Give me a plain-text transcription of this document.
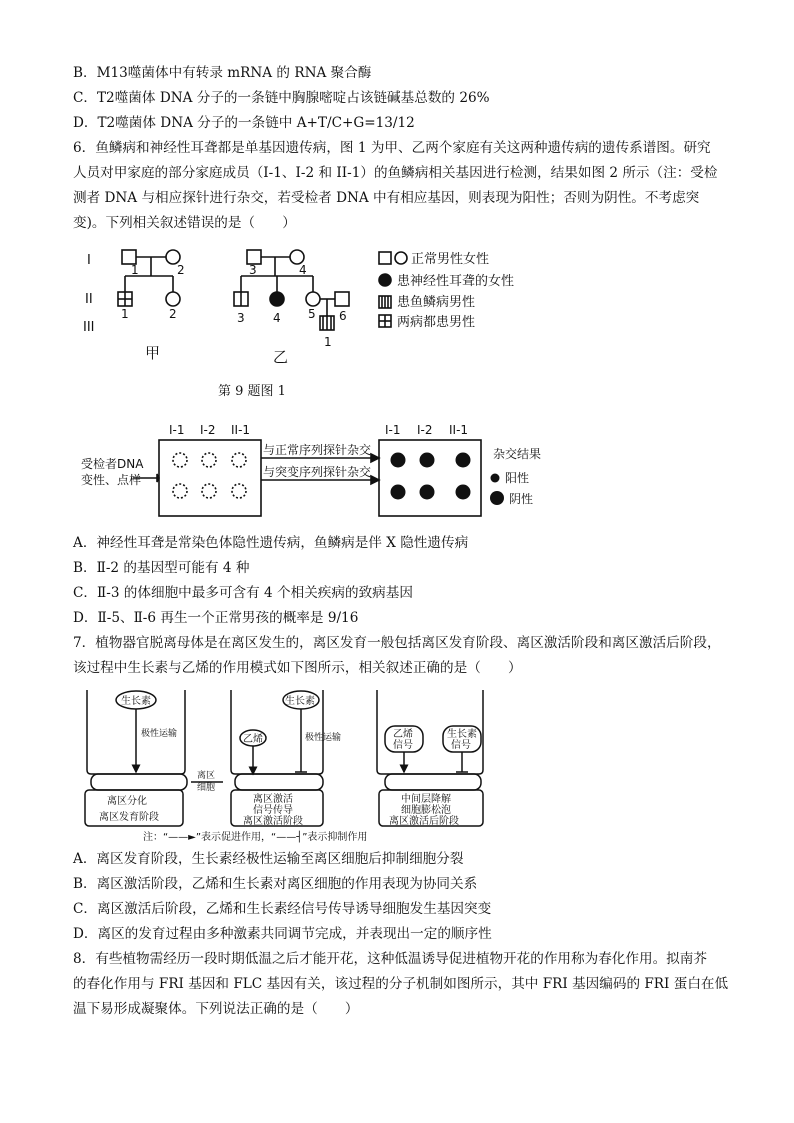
B．M13噬菌体中有转录 mRNA 的 RNA 聚合酶
C．T2噬菌体 DNA 分子的一条链中胸腺嘧啶占该链碱基总数的 26%
D．T2噬菌体 DNA 分子的一条链中 A+T/C+G=13/12
6．鱼鳞病和神经性耳聋都是单基因遗传病，图 1 为甲、乙两个家庭有关这两种遗传病的遗传系谱图。研究
人员对甲家庭的部分家庭成员（I-1、I-2 和 II-1）的鱼鳞病相关基因进行检测，结果如图 2 所示（注：受检
测者 DNA 与相应探针进行杂交，若受检者 DNA 中有相应基因，则表现为阳性；否则为阴性。不考虑突
变)。下列相关叙述错误的是（　　）
I
II
III
1	2
1	2
3	4
3 4 5 6
1
甲	乙
正常男性女性
患神经性耳聋的女性
患鱼鳞病男性
两病都患男性
第 9 题图 1
受检者DNA
变性、点样
I-1 I-2 II-1	I-1 I-2 II-1
与正常序列探针杂交
与突变序列探针杂交
杂交结果
阳性
阴性
A．神经性耳聋是常染色体隐性遗传病，鱼鳞病是伴 X 隐性遗传病
B．Ⅱ-2 的基因型可能有 4 种
C．Ⅱ-3 的体细胞中最多可含有 4 个相关疾病的致病基因
D．Ⅱ-5、Ⅱ-6 再生一个正常男孩的概率是 9/16
7．植物器官脱离母体是在离区发生的，离区发育一般包括离区发育阶段、离区激活阶段和离区激活后阶段，
该过程中生长素与乙烯的作用模式如下图所示，相关叙述正确的是（　　）
生长素	生长素
乙烯
极性运输	极性运输	乙烯
信号
生长素
信号
离区
细胞
离区分化
离区发育阶段
离区激活
信号传导
离区激活阶段
中间层降解
细胞膨松泡
离区激活后阶段
注：“——►”表示促进作用，“——┤”表示抑制作用
A．离区发育阶段，生长素经极性运输至离区细胞后抑制细胞分裂
B．离区激活阶段，乙烯和生长素对离区细胞的作用表现为协同关系
C．离区激活后阶段，乙烯和生长素经信号传导诱导细胞发生基因突变
D．离区的发育过程由多种激素共同调节完成，并表现出一定的顺序性
8．有些植物需经历一段时期低温之后才能开花，这种低温诱导促进植物开花的作用称为春化作用。拟南芥
的春化作用与 FRI 基因和 FLC 基因有关，该过程的分子机制如图所示，其中 FRI 基因编码的 FRI 蛋白在低
温下易形成凝聚体。下列说法正确的是（　　）
